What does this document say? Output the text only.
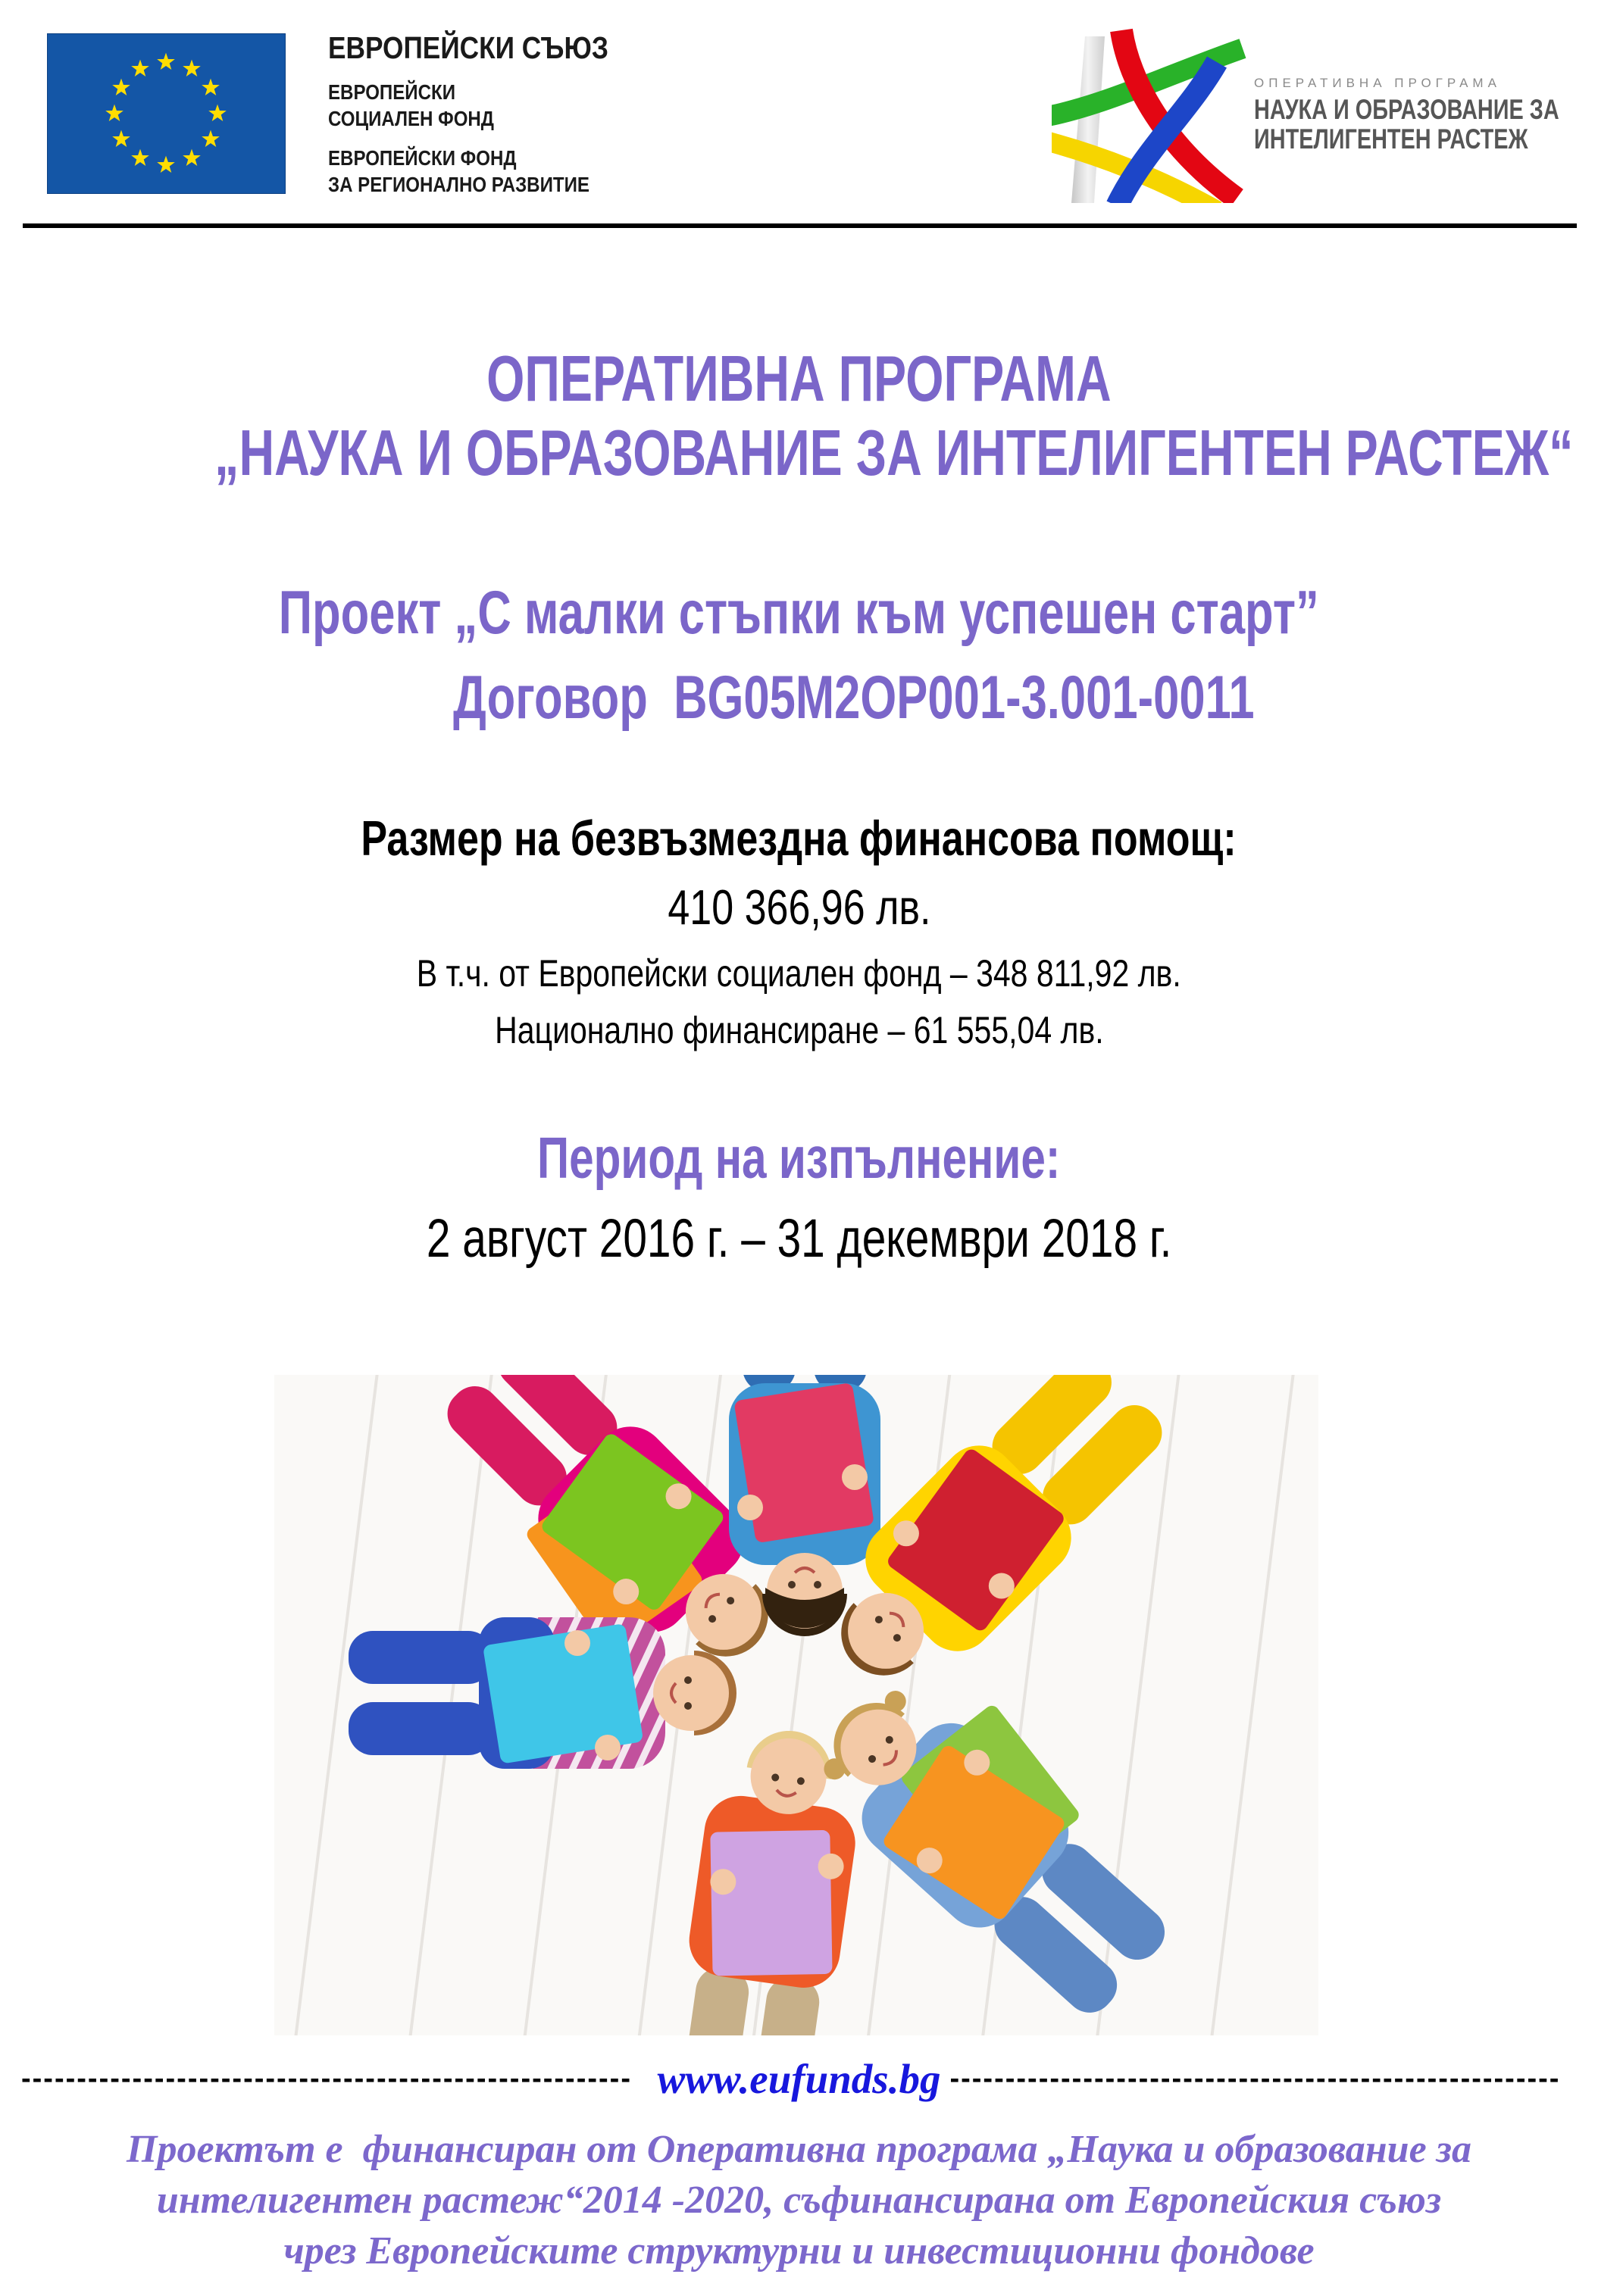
ЕВРОПЕЙСКИ СЪЮЗ
ЕВРОПЕЙСКИ
СОЦИАЛЕН ФОНД
ЕВРОПЕЙСКИ ФОНД
ЗА РЕГИОНАЛНО РАЗВИТИЕ
ОПЕРАТИВНА ПРОГРАМА
НАУКА И ОБРАЗОВАНИЕ ЗА
ИНТЕЛИГЕНТЕН РАСТЕЖ
ОПЕРАТИВНА ПРОГРАМА
„НАУКА И ОБРАЗОВАНИЕ ЗА ИНТЕЛИГЕНТЕН РАСТЕЖ“
Проект „С малки стъпки към успешен старт”
Договор  BG05M2OP001-3.001-0011
Размер на безвъзмездна финансова помощ:
410 366,96 лв.
В т.ч. от Европейски социален фонд – 348 811,92 лв.
Национално финансиране – 61 555,04 лв.
Период на изпълнение:
2 август 2016 г. – 31 декември 2018 г.
------------------------------------------------------- www.eufunds.bg -------------------------------------------------------
Проектът е  финансиран от Оперативна програма „Наука и образование за
интелигентен растеж“2014 -2020, съфинансирана от Европейския съюз
чрез Европейските структурни и инвестиционни фондове
